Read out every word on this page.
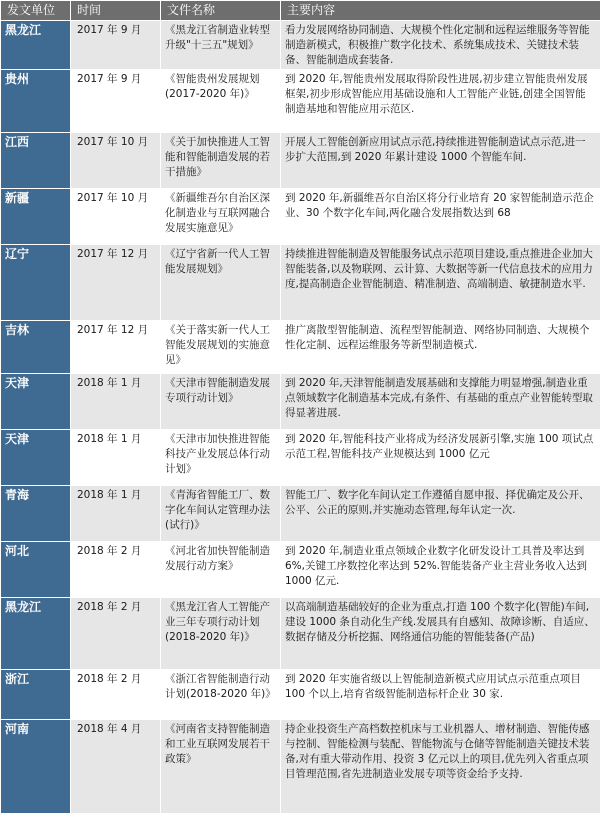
发文单位	时间	文件名称	主要内容
黑龙江	2017 年 9 月	《黑龙江省制造业转型升级"十三五"规划》	看力发展网络协同制造、大规模个性化定制和远程运维服务等智能制造新模式，积极推广数字化技术、系统集成技术、关键技术装备、智能制造成套装备.
贵州	2017 年 9 月	《智能贵州发展规划(2017-2020 年)》	到 2020 年,智能贵州发展取得阶段性进展,初步建立智能贵州发展框架,初步形成智能应用基础设施和人工智能产业链,创建全国智能制造基地和智能应用示范区.
江西	2017 年 10 月	《关于加快推进人工智能和智能制造发展的若干措施》	开展人工智能创新应用试点示范,持续推进智能制造试点示范,进一步扩大范围,到 2020 年累计建设 1000 个智能车间.
新疆	2017 年 10 月	《新疆维吾尔自治区深化制造业与互联网融合发展实施意见》	到 2020 年,新疆维吾尔自治区将分行业培育 20 家智能制造示范企业、30 个数字化车间,两化融合发展指数达到 68
辽宁	2017 年 12 月	《辽宁省新一代人工智能发展规划》	持续推进智能制造及智能服务试点示范项目建设,重点推进企业加大智能装备,以及物联网、云计算、大数据等新一代信息技术的应用力度,提高制造企业智能制造、精准制造、高端制造、敏捷制造水平.
吉林	2017 年 12 月	《关于落实新一代人工智能发展规划的实施意见》	推广离散型智能制造、流程型智能制造、网络协同制造、大规模个性化定制、远程运维服务等新型制造模式.
天津	2018 年 1 月	《天津市智能制造发展专项行动计划》	到 2020 年,天津智能制造发展基础和支撑能力明显增强,制造业重点领域数字化制造基本完成,有条件、有基础的重点产业智能转型取得显著进展.
天津	2018 年 1 月	《天津市加快推进智能科技产业发展总体行动计划》	到 2020 年,智能科技产业将成为经济发展新引擎,实施 100 项试点示范工程,智能科技产业规模达到 1000 亿元
青海	2018 年 1 月	《青海省智能工厂、数字化车间认定管理办法(试行)》	智能工厂、数字化车间认定工作遵循自愿申报、择优确定及公开、公平、公正的原则,并实施动态管理,每年认定一次.
河北	2018 年 2 月	《河北省加快智能制造发展行动方案》	到 2020 年,制造业重点领域企业数字化研发设计工具普及率达到 6%,关键工序数控化率达到 52%.智能装备产业主营业务收入达到 1000 亿元.
黑龙江	2018 年 2 月	《黑龙江省人工智能产业三年专项行动计划(2018-2020 年)》	以高端制造基础较好的企业为重点,打造 100 个数字化(智能)车间,建设 1000 条自动化生产线.发展具有自感知、故障诊断、自适应、数据存储及分析挖掘、网络通信功能的智能装备(产品)
浙江	2018 年 2 月	《浙江省智能制造行动计划(2018-2020 年)》	到 2020 年实施省级以上智能制造新模式应用试点示范重点项目 100 个以上,培育省级智能制造标杆企业 30 家.
河南	2018 年 4 月	《河南省支持智能制造和工业互联网发展若干政策》	持企业投资生产高档数控机床与工业机器人、增材制造、智能传感与控制、智能检测与装配、智能物流与仓储等智能制造关键技术装备,对有重大带动作用、投资 3 亿元以上的项目,优先列入省重点项目管理范围,省先进制造业发展专项等资金给予支持.
